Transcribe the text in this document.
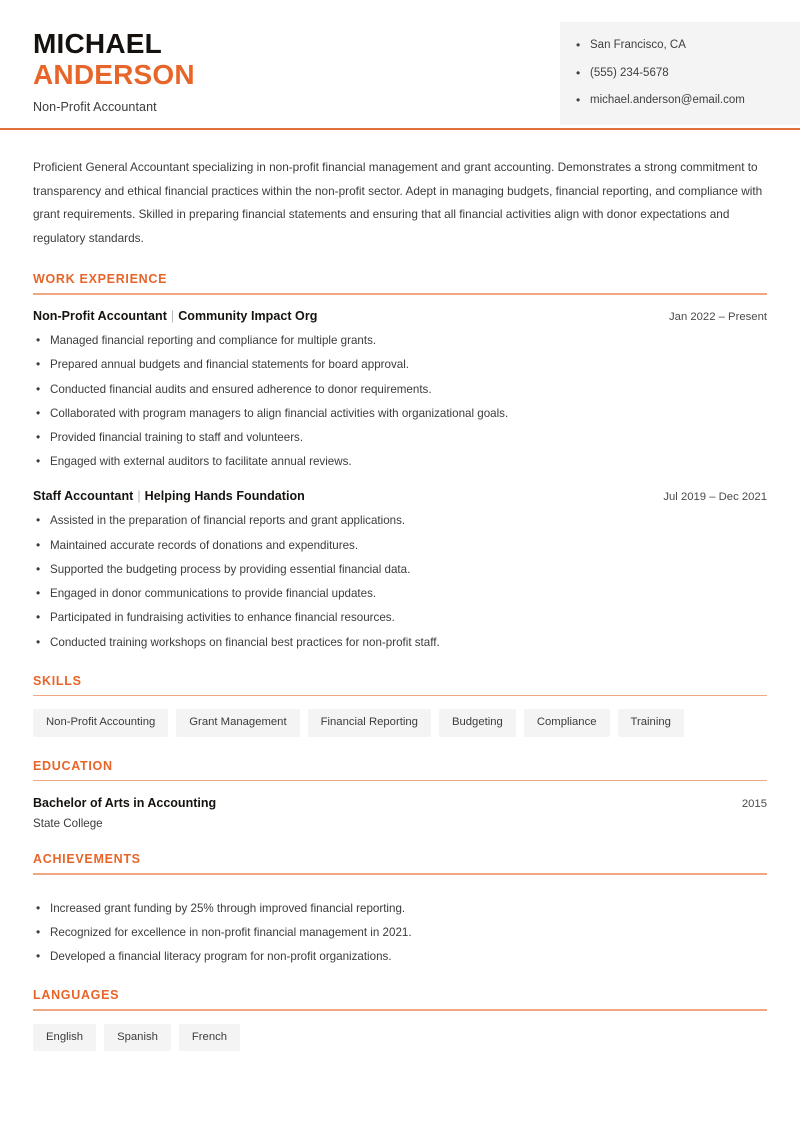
MICHAEL
ANDERSON
Non-Profit Accountant
• San Francisco, CA
• (555) 234-5678
• michael.anderson@email.com

Proficient General Accountant specializing in non-profit financial management and grant accounting. Demonstrates a strong commitment to transparency and ethical financial practices within the non-profit sector. Adept in managing budgets, financial reporting, and compliance with grant requirements. Skilled in preparing financial statements and ensuring that all financial activities align with donor expectations and regulatory standards.

WORK EXPERIENCE
Non-Profit Accountant | Community Impact Org	Jan 2022 – Present
• Managed financial reporting and compliance for multiple grants.
• Prepared annual budgets and financial statements for board approval.
• Conducted financial audits and ensured adherence to donor requirements.
• Collaborated with program managers to align financial activities with organizational goals.
• Provided financial training to staff and volunteers.
• Engaged with external auditors to facilitate annual reviews.
Staff Accountant | Helping Hands Foundation	Jul 2019 – Dec 2021
• Assisted in the preparation of financial reports and grant applications.
• Maintained accurate records of donations and expenditures.
• Supported the budgeting process by providing essential financial data.
• Engaged in donor communications to provide financial updates.
• Participated in fundraising activities to enhance financial resources.
• Conducted training workshops on financial best practices for non-profit staff.
SKILLS
Non-Profit Accounting	Grant Management	Financial Reporting	Budgeting	Compliance	Training
EDUCATION
Bachelor of Arts in Accounting	2015
State College
ACHIEVEMENTS
• Increased grant funding by 25% through improved financial reporting.
• Recognized for excellence in non-profit financial management in 2021.
• Developed a financial literacy program for non-profit organizations.
LANGUAGES
English	Spanish	French
